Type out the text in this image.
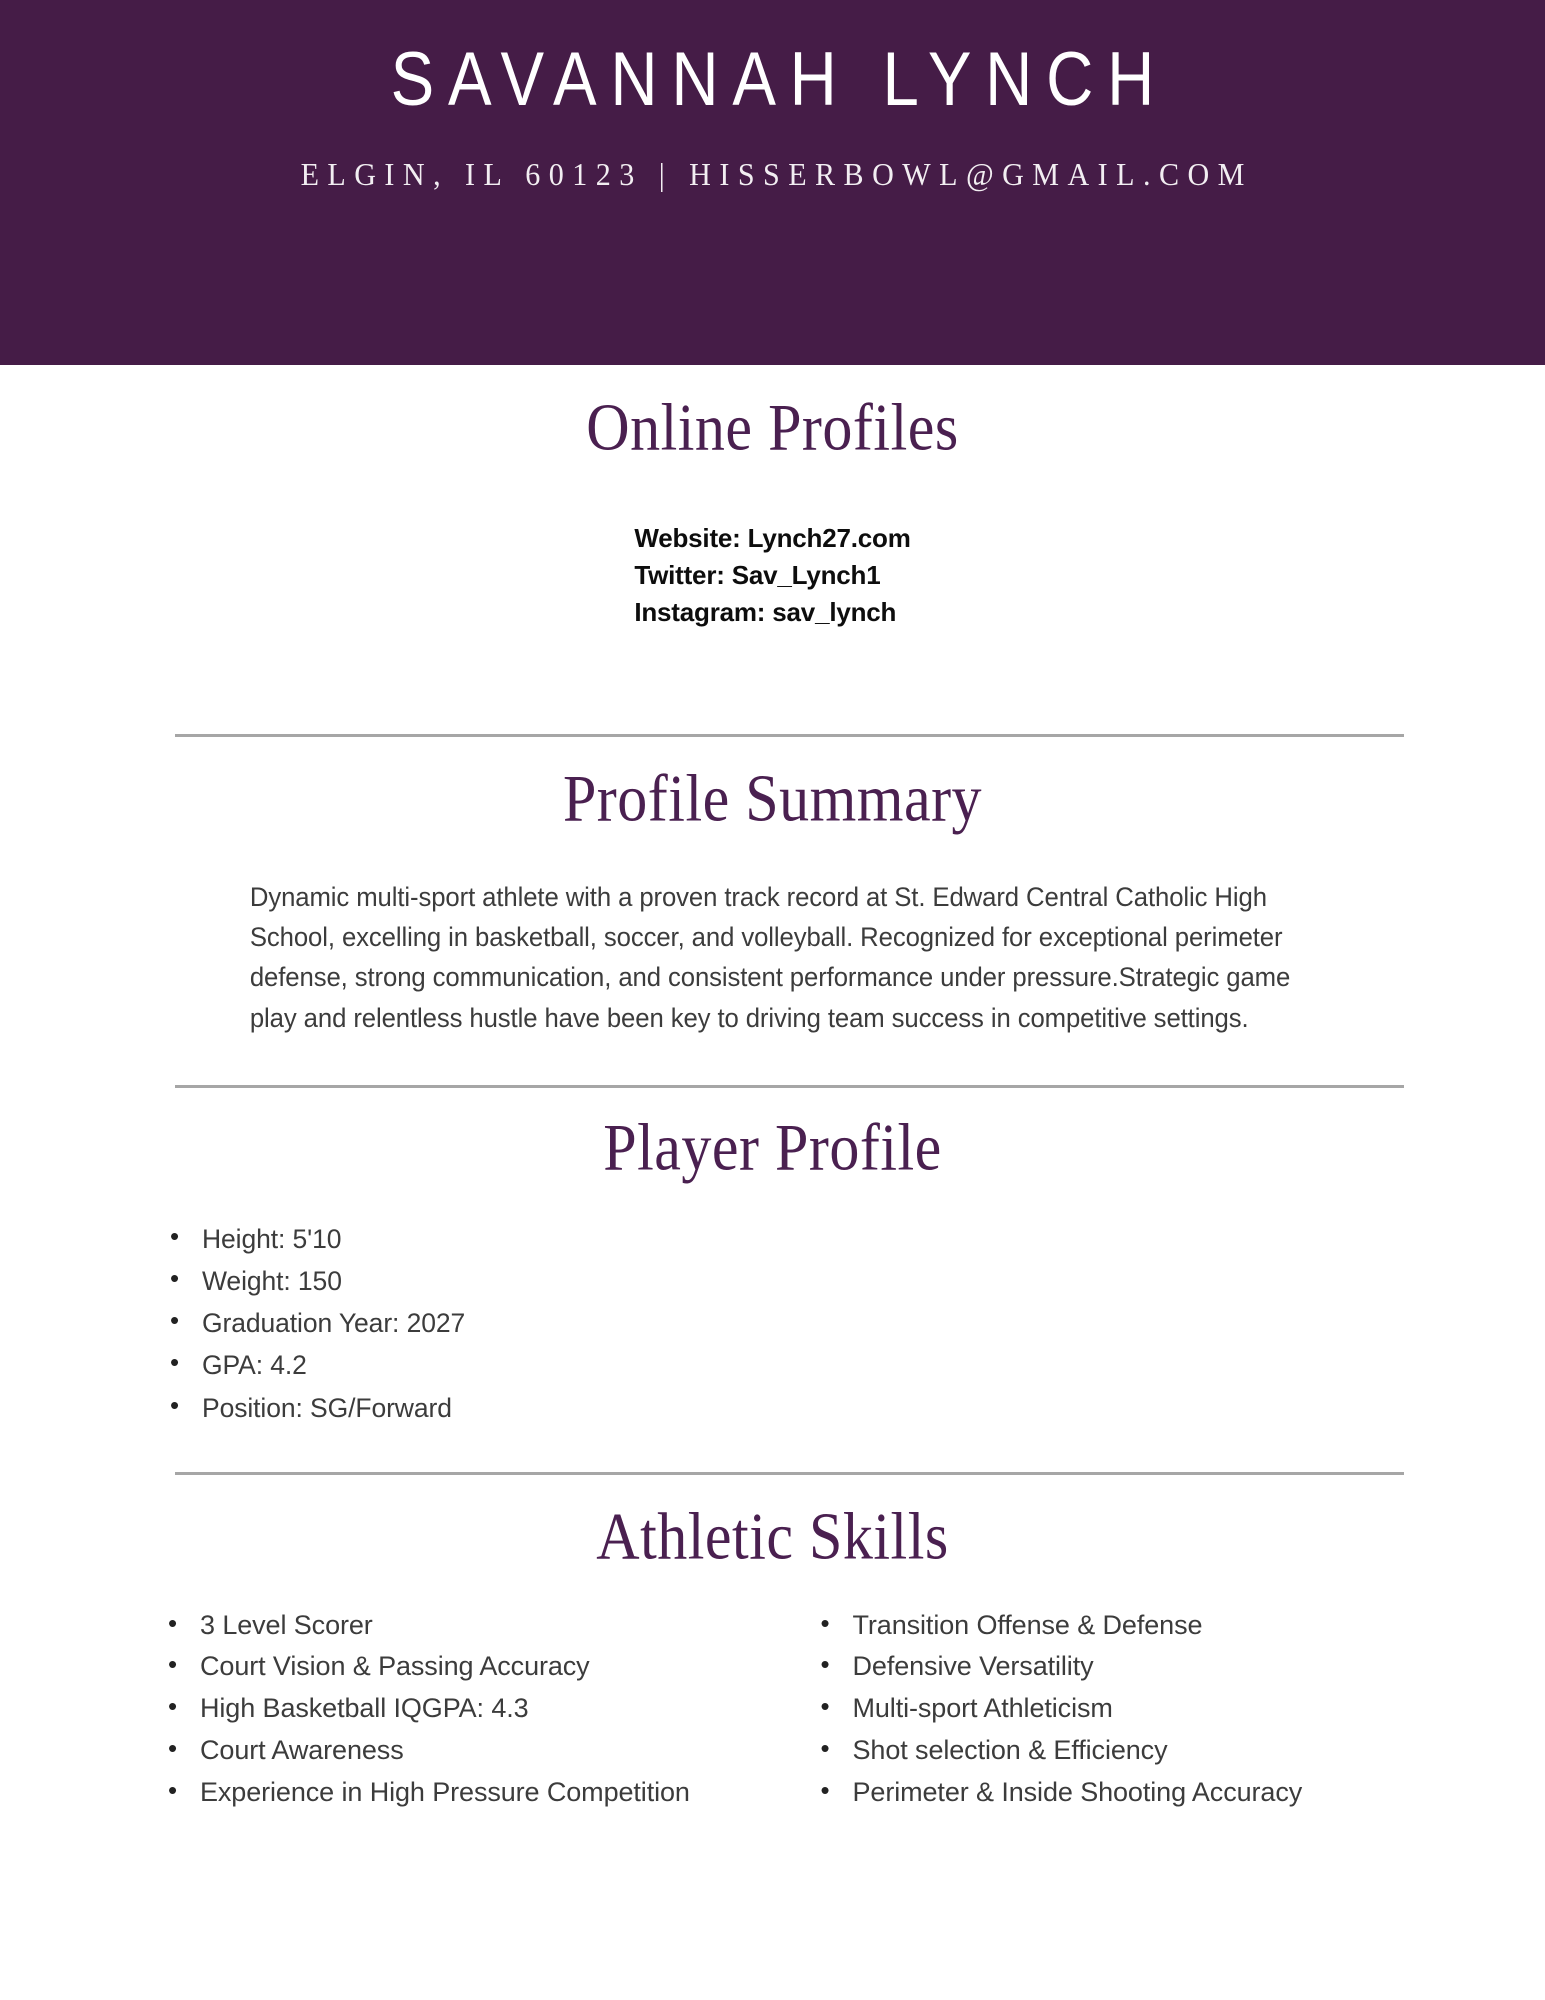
SAVANNAH LYNCH
ELGIN, IL 60123 | HISSERBOWL@GMAIL.COM
Online Profiles
Website: Lynch27.com
Twitter: Sav_Lynch1
Instagram: sav_lynch
Profile Summary

Dynamic multi-sport athlete with a proven track record at St. Edward Central Catholic High School, excelling in basketball, soccer, and volleyball. Recognized for exceptional perimeter defense, strong communication, and consistent performance under pressure.Strategic game play and relentless hustle have been key to driving team success in competitive settings.

Player Profile
• Height: 5'10
• Weight: 150
• Graduation Year: 2027
• GPA: 4.2
• Position: SG/Forward
Athletic Skills
• 3 Level Scorer
• Court Vision & Passing Accuracy
• High Basketball IQGPA: 4.3
• Court Awareness
• Experience in High Pressure Competition
• Transition Offense & Defense
• Defensive Versatility
• Multi-sport Athleticism
• Shot selection & Efficiency
• Perimeter & Inside Shooting Accuracy
